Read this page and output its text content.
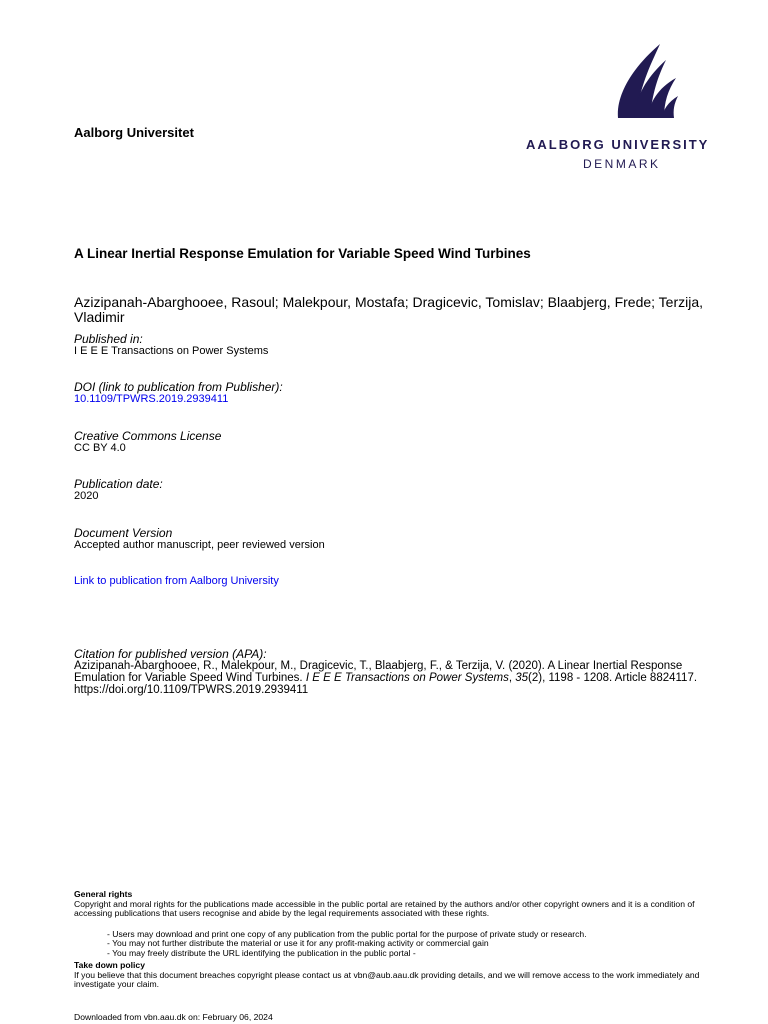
Aalborg Universitet
AALBORG UNIVERSITY
DENMARK
A Linear Inertial Response Emulation for Variable Speed Wind Turbines
Azizipanah-Abarghooee, Rasoul; Malekpour, Mostafa; Dragicevic, Tomislav; Blaabjerg, Frede; Terzija, Vladimir
Published in:
I E E E Transactions on Power Systems
DOI (link to publication from Publisher):
10.1109/TPWRS.2019.2939411
Creative Commons License
CC BY 4.0
Publication date:
2020
Document Version
Accepted author manuscript, peer reviewed version
Link to publication from Aalborg University
Citation for published version (APA):
Azizipanah-Abarghooee, R., Malekpour, M., Dragicevic, T., Blaabjerg, F., & Terzija, V. (2020). A Linear Inertial Response Emulation for Variable Speed Wind Turbines. I E E E Transactions on Power Systems, 35(2), 1198 - 1208. Article 8824117. https://doi.org/10.1109/TPWRS.2019.2939411
General rights
Copyright and moral rights for the publications made accessible in the public portal are retained by the authors and/or other copyright owners and it is a condition of accessing publications that users recognise and abide by the legal requirements associated with these rights.
- Users may download and print one copy of any publication from the public portal for the purpose of private study or research.
- You may not further distribute the material or use it for any profit-making activity or commercial gain
- You may freely distribute the URL identifying the publication in the public portal -
Take down policy
If you believe that this document breaches copyright please contact us at vbn@aub.aau.dk providing details, and we will remove access to the work immediately and investigate your claim.
Downloaded from vbn.aau.dk on: February 06, 2024
